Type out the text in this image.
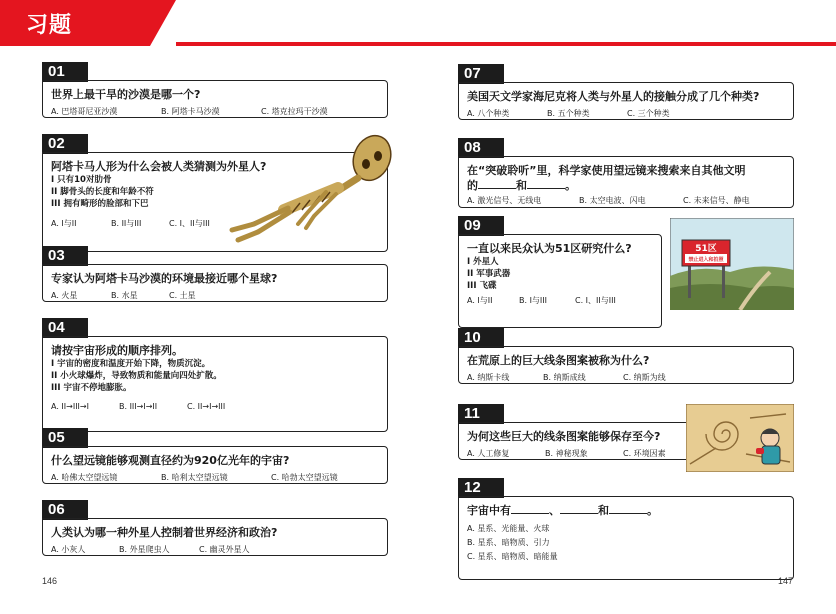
习题
01
世界上最干旱的沙漠是哪一个?
A. 巴塔哥尼亚沙漠	B. 阿塔卡马沙漠	C. 塔克拉玛干沙漠
02
阿塔卡马人形为什么会被人类猜测为外星人?
I 只有10对肋骨
II 脚骨头的长度和年龄不符
III 拥有畸形的脸部和下巴
A. I与II	B. II与III	C. I、II与III
03
专家认为阿塔卡马沙漠的环境最接近哪个星球?
A. 火星	B. 水星	C. 土星
04
请按宇宙形成的顺序排列。
I 宇宙的密度和温度开始下降，物质沉淀。
II 小火球爆炸，导致物质和能量向四处扩散。
III 宇宙不停地膨胀。
A. II→III→I	B. III→I→II	C. II→I→III
05
什么望远镜能够观测直径约为920亿光年的宇宙?
A. 哈佛太空望远镜	B. 哈利太空望远镜	C. 哈勃太空望远镜
06
人类认为哪一种外星人控制着世界经济和政治?
A. 小灰人	B. 外星爬虫人	C. 幽灵外星人
07
美国天文学家海尼克将人类与外星人的接触分成了几个种类?
A. 八个种类	B. 五个种类	C. 三个种类
08
在“突破聆听”里，科学家使用望远镜来搜索来自其他文明
的	和	。
A. 激光信号、无线电	B. 太空电波、闪电	C. 未来信号、静电
09
一直以来民众认为51区研究什么?
I 外星人
II 军事武器
III 飞碟
A. I与II	B. I与III	C. I、II与III
51区
禁止进入和拍照
10
在荒原上的巨大线条图案被称为什么?
A. 纳斯卡线	B. 纳斯成线	C. 纳斯为线
11
为何这些巨大的线条图案能够保存至今?
A. 人工修复	B. 神秘现象	C. 环境因素
12
宇宙中有	、	和	。
A. 星系、光能量、火球
B. 星系、暗物质、引力
C. 星系、暗物质、暗能量
146	147
